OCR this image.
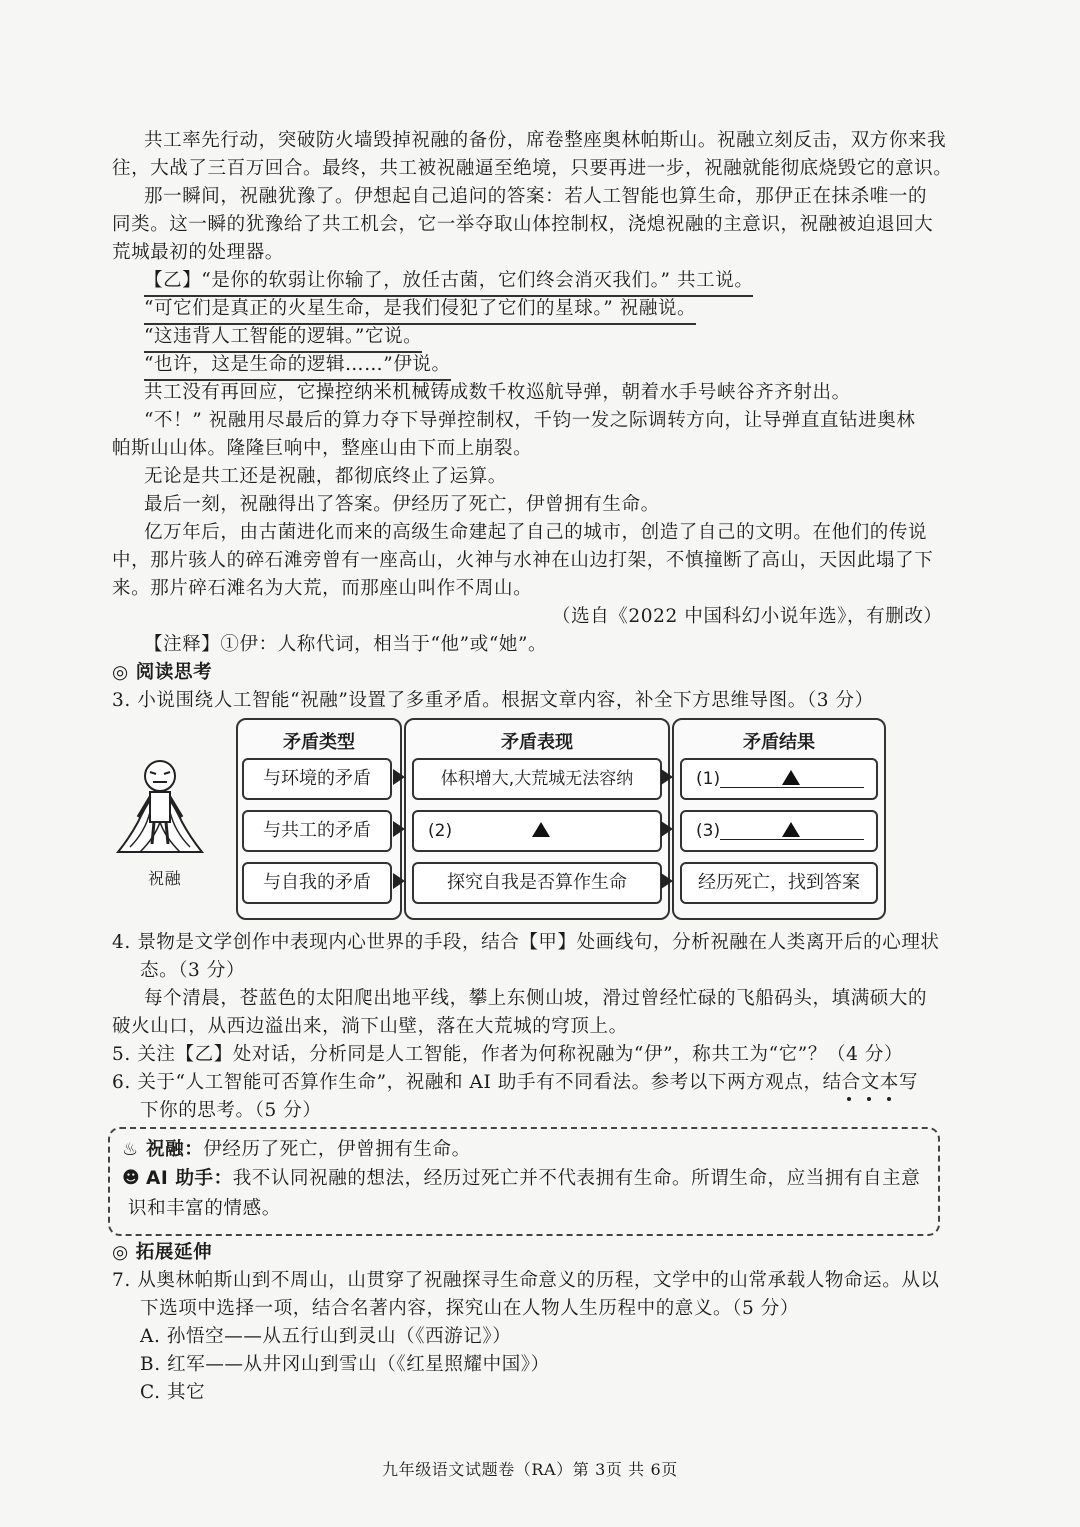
共工率先行动，突破防火墙毁掉祝融的备份，席卷整座奥林帕斯山。祝融立刻反击，双方你来我
往，大战了三百万回合。最终，共工被祝融逼至绝境，只要再进一步，祝融就能彻底烧毁它的意识。
那一瞬间，祝融犹豫了。伊想起自己追问的答案：若人工智能也算生命，那伊正在抹杀唯一的
同类。这一瞬的犹豫给了共工机会，它一举夺取山体控制权，浇熄祝融的主意识，祝融被迫退回大
荒城最初的处理器。
【乙】“是你的软弱让你输了，放任古菌，它们终会消灭我们。” 共工说。
“可它们是真正的火星生命，是我们侵犯了它们的星球。” 祝融说。
“这违背人工智能的逻辑。”它说。
“也许，这是生命的逻辑……”伊说。
共工没有再回应，它操控纳米机械铸成数千枚巡航导弹，朝着水手号峡谷齐齐射出。
“不！” 祝融用尽最后的算力夺下导弹控制权，千钧一发之际调转方向，让导弹直直钻进奥林
帕斯山山体。隆隆巨响中，整座山由下而上崩裂。
无论是共工还是祝融，都彻底终止了运算。
最后一刻，祝融得出了答案。伊经历了死亡，伊曾拥有生命。
亿万年后，由古菌进化而来的高级生命建起了自己的城市，创造了自己的文明。在他们的传说
中，那片骇人的碎石滩旁曾有一座高山，火神与水神在山边打架，不慎撞断了高山，天因此塌了下
来。那片碎石滩名为大荒，而那座山叫作不周山。
（选自《2022 中国科幻小说年选》，有删改）
【注释】①伊：人称代词，相当于“他”或“她”。
◎ 阅读思考
3. 小说围绕人工智能“祝融”设置了多重矛盾。根据文章内容，补全下方思维导图。（3 分）
祝融
矛盾类型	矛盾表现	矛盾结果
与环境的矛盾	体积增大,大荒城无法容纳	(1)
与共工的矛盾	(2)	(3)
与自我的矛盾	探究自我是否算作生命	经历死亡，找到答案
4. 景物是文学创作中表现内心世界的手段，结合【甲】处画线句，分析祝融在人类离开后的心理状
态。（3 分）
每个清晨，苍蓝色的太阳爬出地平线，攀上东侧山坡，滑过曾经忙碌的飞船码头，填满硕大的
破火山口，从西边溢出来，淌下山壁，落在大荒城的穹顶上。
5. 关注【乙】处对话，分析同是人工智能，作者为何称祝融为“伊”，称共工为“它”？（4 分）
6. 关于“人工智能可否算作生命”，祝融和 AI 助手有不同看法。参考以下两方观点，结合文本写
下你的思考。（5 分）
♨ 祝融：伊经历了死亡，伊曾拥有生命。
☻ AI 助手：我不认同祝融的想法，经历过死亡并不代表拥有生命。所谓生命，应当拥有自主意
识和丰富的情感。
◎ 拓展延伸
7. 从奥林帕斯山到不周山，山贯穿了祝融探寻生命意义的历程，文学中的山常承载人物命运。从以
下选项中选择一项，结合名著内容，探究山在人物人生历程中的意义。（5 分）
A. 孙悟空——从五行山到灵山（《西游记》）
B. 红军——从井冈山到雪山（《红星照耀中国》）
C. 其它
九年级语文试题卷（RA）第 3页 共 6页
